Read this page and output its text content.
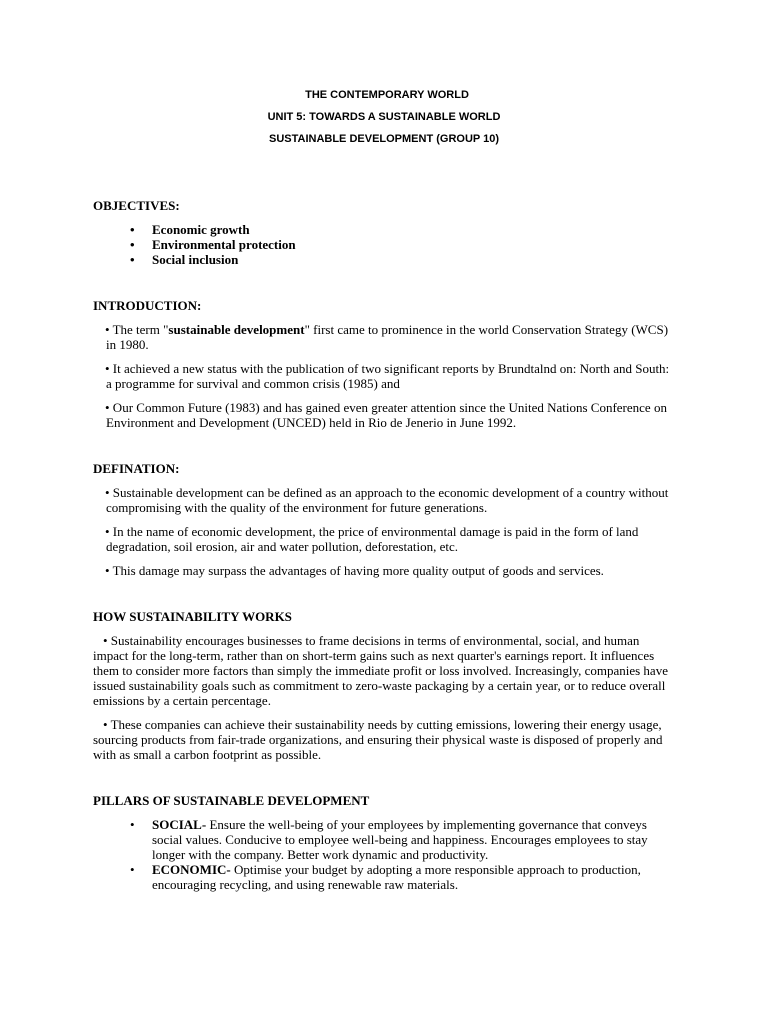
THE CONTEMPORARY WORLD
UNIT 5: TOWARDS A SUSTAINABLE WORLD
SUSTAINABLE DEVELOPMENT (GROUP 10)
OBJECTIVES:
• Economic growth
• Environmental protection
• Social inclusion
INTRODUCTION:

• The term "sustainable development" first came to prominence in the world Conservation Strategy (WCS) in 1980.

• It achieved a new status with the publication of two significant reports by Brundtalnd on: North and South: a programme for survival and common crisis (1985) and

• Our Common Future (1983) and has gained even greater attention since the United Nations Conference on Environment and Development (UNCED) held in Rio de Jenerio in June 1992.

DEFINATION:

• Sustainable development can be defined as an approach to the economic development of a country without compromising with the quality of the environment for future generations.

• In the name of economic development, the price of environmental damage is paid in the form of land degradation, soil erosion, air and water pollution, deforestation, etc.

• This damage may surpass the advantages of having more quality output of goods and services.

HOW SUSTAINABILITY WORKS

• Sustainability encourages businesses to frame decisions in terms of environmental, social, and human impact for the long-term, rather than on short-term gains such as next quarter's earnings report. It influences them to consider more factors than simply the immediate profit or loss involved. Increasingly, companies have issued sustainability goals such as commitment to zero-waste packaging by a certain year, or to reduce overall emissions by a certain percentage.

• These companies can achieve their sustainability needs by cutting emissions, lowering their energy usage, sourcing products from fair-trade organizations, and ensuring their physical waste is disposed of properly and with as small a carbon footprint as possible.

PILLARS OF SUSTAINABLE DEVELOPMENT
• SOCIAL- Ensure the well-being of your employees by implementing governance that conveys social values. Conducive to employee well-being and happiness. Encourages employees to stay longer with the company. Better work dynamic and productivity.
• ECONOMIC- Optimise your budget by adopting a more responsible approach to production, encouraging recycling, and using renewable raw materials.
